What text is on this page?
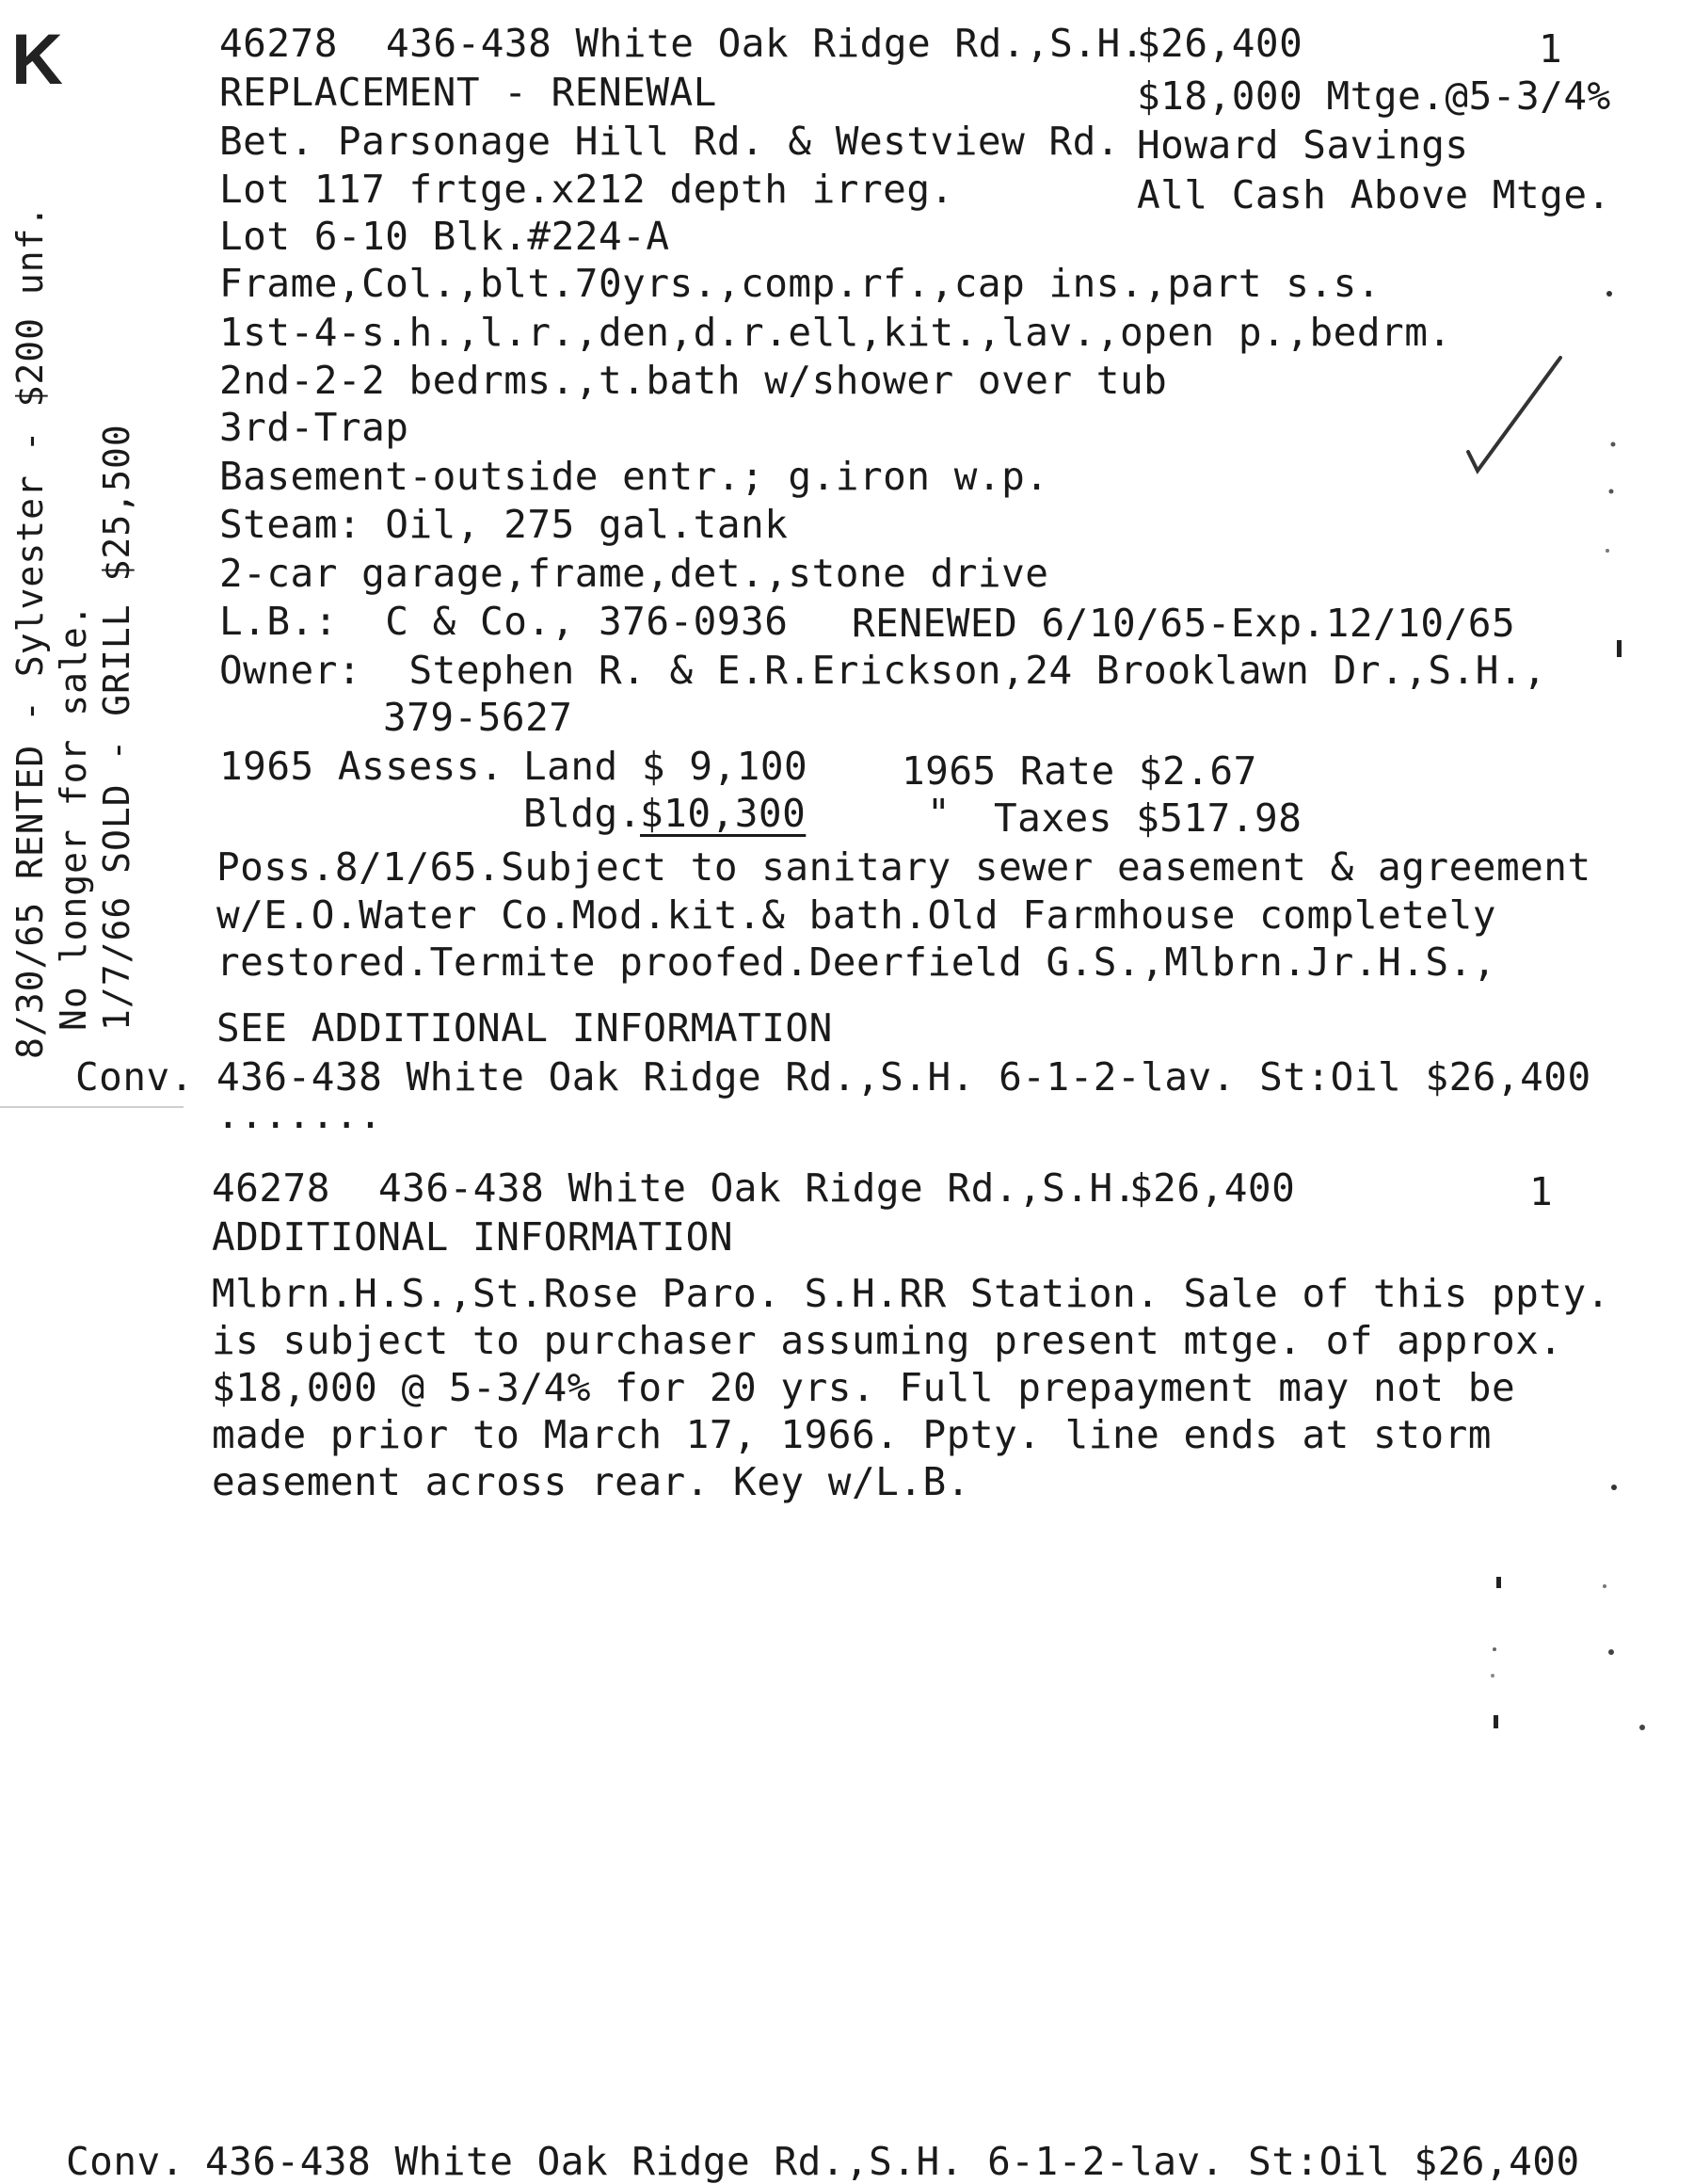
K
8/30/65 RENTED - Sylvester - $200 unf. No longer for sale. 1/7/66 SOLD - GRILL $25,500
46278 436-438 White Oak Ridge Rd.,S.H.
$26,400	1
REPLACEMENT - RENEWAL	$18,000 Mtge.@5-3/4%
Bet. Parsonage Hill Rd. & Westview Rd. Howard Savings
Lot 117 frtge.x212 depth irreg.	All Cash Above Mtge.
Lot 6-10 Blk.#224-A
Frame,Col.,blt.70yrs.,comp.rf.,cap ins.,part s.s.
1st-4-s.h.,l.r.,den,d.r.ell,kit.,lav.,open p.,bedrm.
2nd-2-2 bedrms.,t.bath w/shower over tub
3rd-Trap
Basement-outside entr.; g.iron w.p.
Steam: Oil, 275 gal.tank
2-car garage,frame,det.,stone drive
L.B.:  C & Co., 376-0936 RENEWED 6/10/65-Exp.12/10/65
Owner:  Stephen R. & E.R.Erickson,24 Brooklawn Dr.,S.H.,
379-5627
1965 Assess. Land $ 9,100 1965 Rate $2.67
Bldg.
$10,300	" Taxes $517.98
Poss.8/1/65.Subject to sanitary sewer easement & agreement
w/E.O.Water Co.Mod.kit.& bath.Old Farmhouse completely
restored.Termite proofed.Deerfield G.S.,Mlbrn.Jr.H.S.,
SEE ADDITIONAL INFORMATION
Conv. 436-438 White Oak Ridge Rd.,S.H. 6-1-2-lav. St:Oil $26,400
.......
46278 436-438 White Oak Ridge Rd.,S.H.
$26,400	1
ADDITIONAL INFORMATION
Mlbrn.H.S.,St.Rose Paro. S.H.RR Station. Sale of this ppty.
is subject to purchaser assuming present mtge. of approx.
$18,000 @ 5-3/4% for 20 yrs. Full prepayment may not be
made prior to March 17, 1966. Ppty. line ends at storm
easement across rear. Key w/L.B.
Conv. 436-438 White Oak Ridge Rd.,S.H. 6-1-2-lav. St:Oil $26,400
